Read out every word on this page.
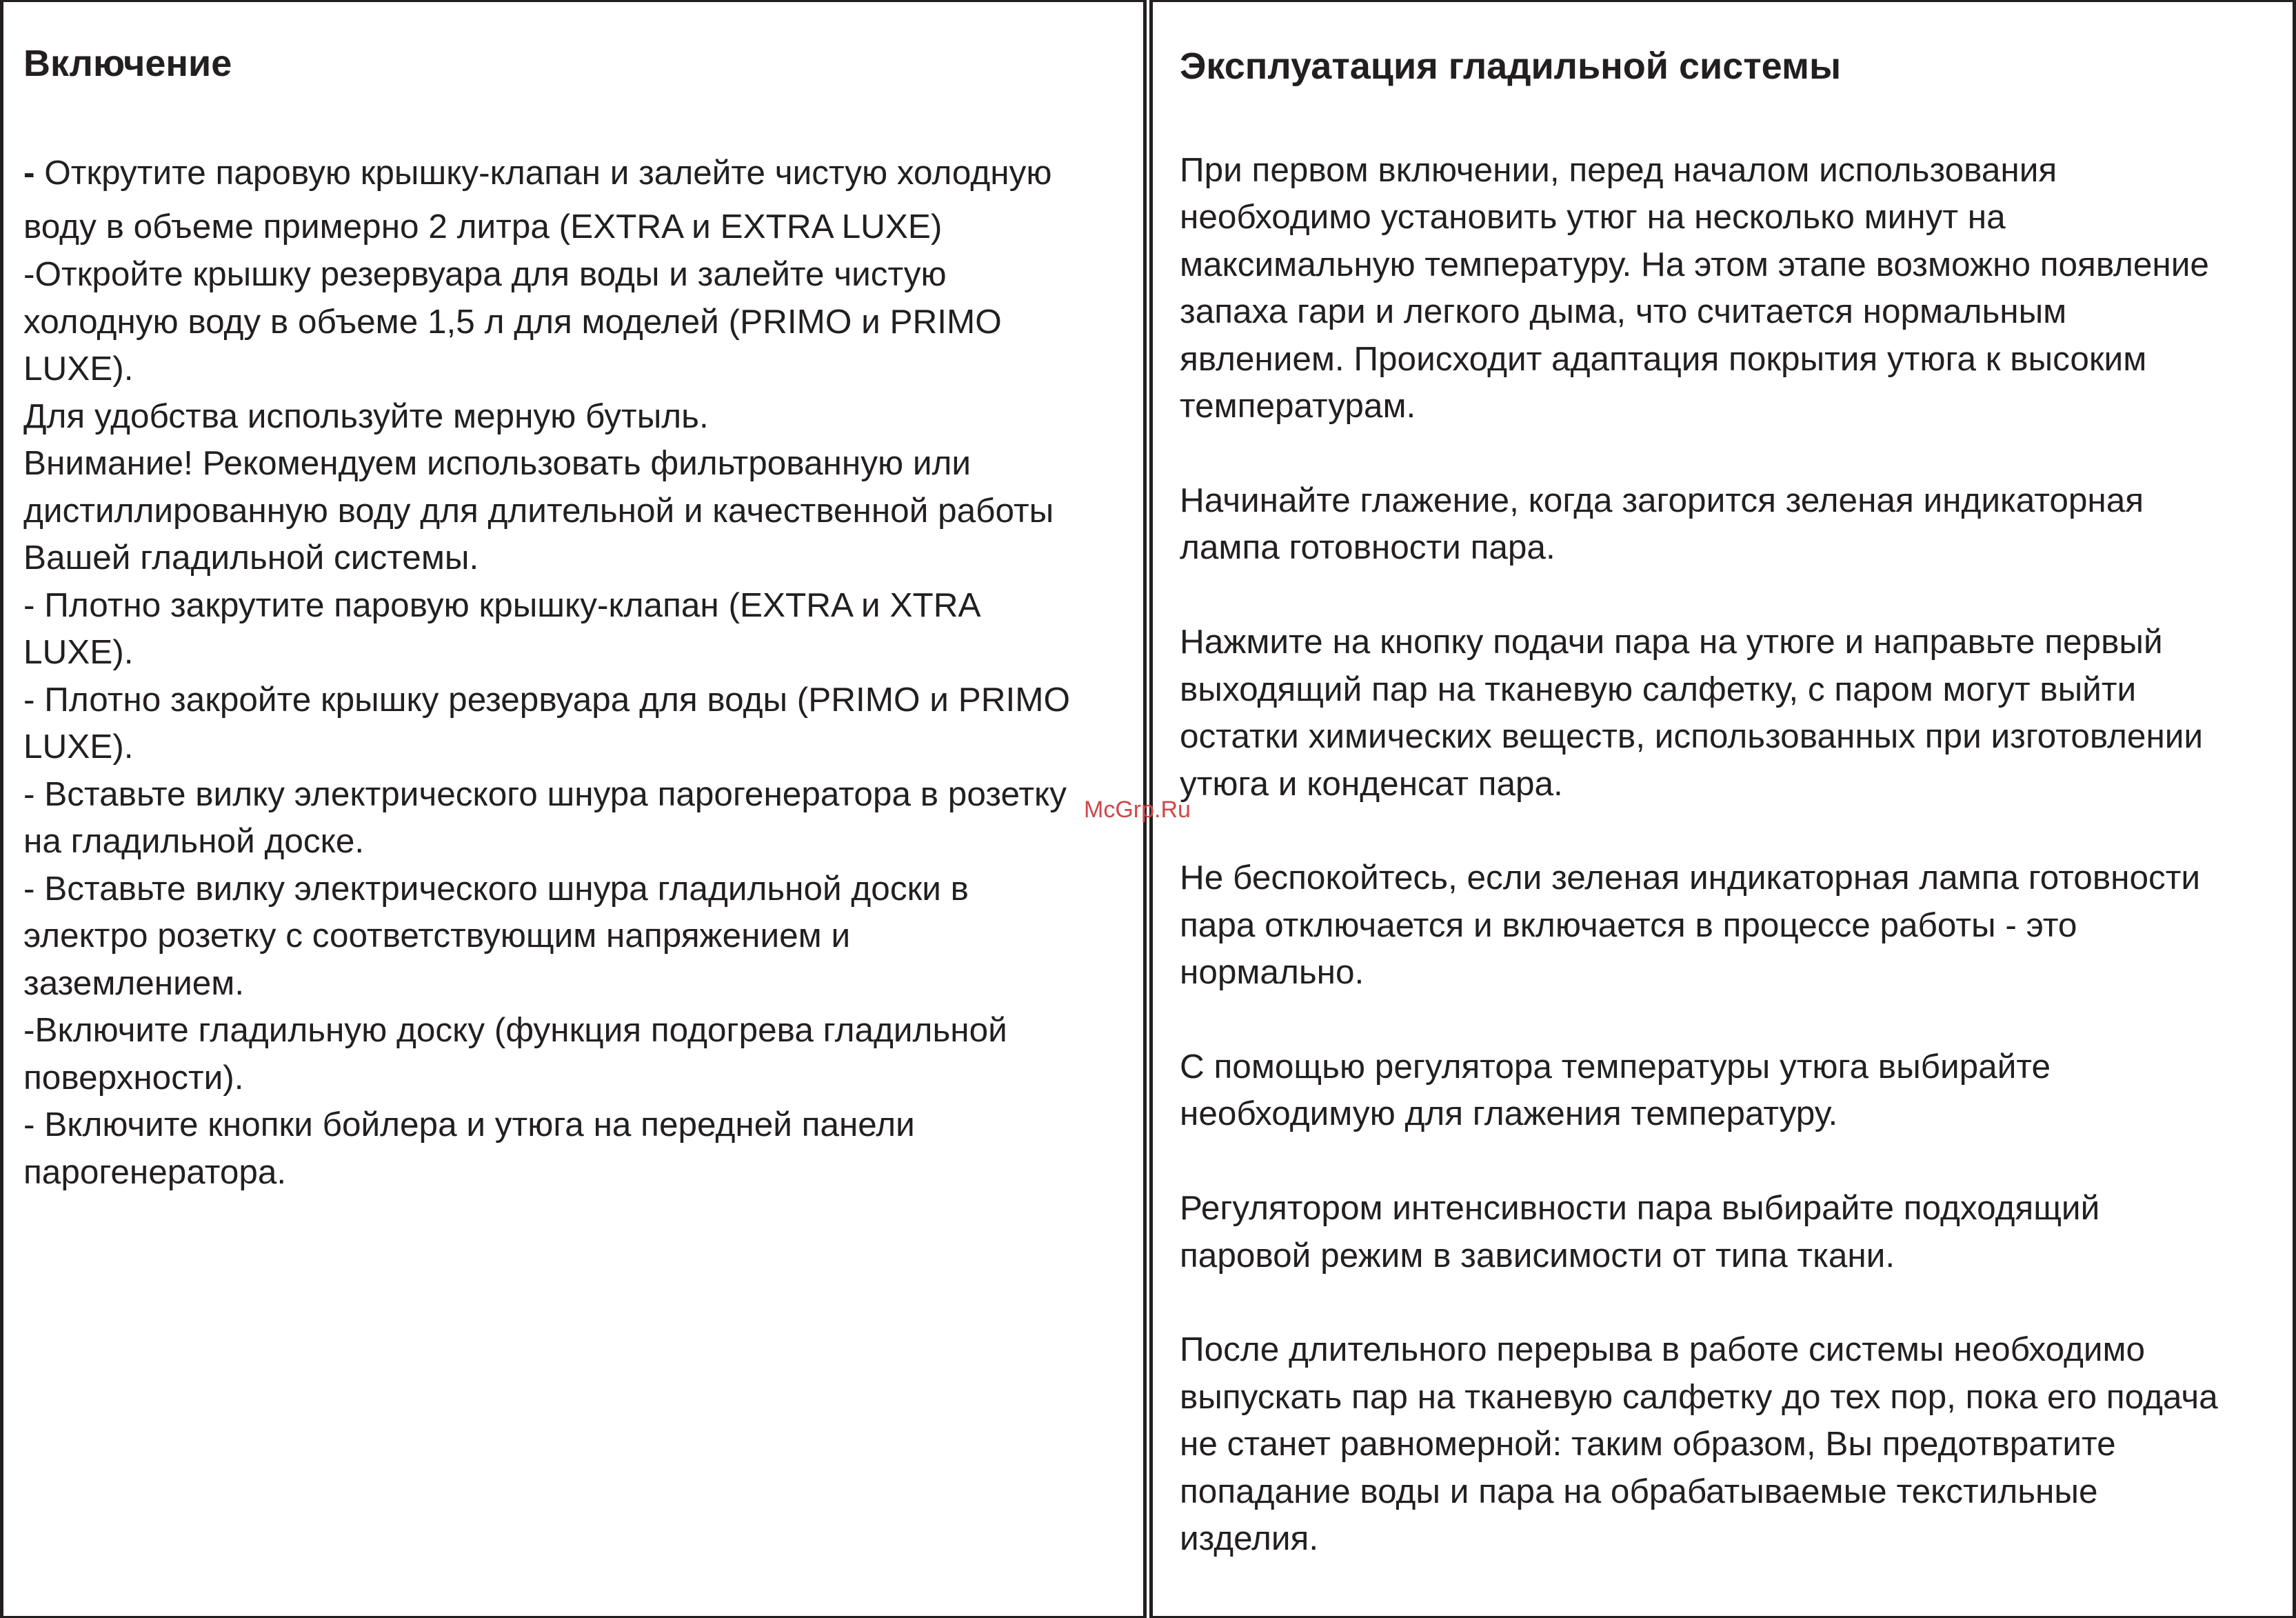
Включение

- Открутите паровую крышку-клапан и залейте чистую холодную

воду в объеме примерно 2 литра (EXTRA и EXTRA LUXE)

-Откройте крышку резервуара для воды и залейте чистую

холодную воду в объеме 1,5 л для моделей (PRIMO и PRIMO

LUXE).

Для удобства используйте мерную бутыль.

Внимание! Рекомендуем использовать фильтрованную или

дистиллированную воду для длительной и качественной работы

Вашей гладильной системы.

- Плотно закрутите паровую крышку-клапан (EXTRA и XTRA

LUXE).

- Плотно закройте крышку резервуара для воды (PRIMO и PRIMO

LUXE).

- Вставьте вилку электрического шнура парогенератора в розетку

на гладильной доске.

- Вставьте вилку электрического шнура гладильной доски в

электро розетку с соответствующим напряжением и

заземлением.

-Включите гладильную доску (функция подогрева гладильной

поверхности).

- Включите кнопки бойлера и утюга на передней панели

парогенератора.

Эксплуатация гладильной системы

При первом включении, перед началом использования

необходимо установить утюг на несколько минут на

максимальную температуру. На этом этапе возможно появление

запаха гари и легкого дыма, что считается нормальным

явлением. Происходит адаптация покрытия утюга к высоким

температурам.

Начинайте глажение, когда загорится зеленая индикаторная

лампа готовности пара.

Нажмите на кнопку подачи пара на утюге и направьте первый

выходящий пар на тканевую салфетку, с паром могут выйти

остатки химических веществ, использованных при изготовлении

утюга и конденсат пара.

Не беспокойтесь, если зеленая индикаторная лампа готовности

пара отключается и включается в процессе работы - это

нормально.

С помощью регулятора температуры утюга выбирайте

необходимую для глажения температуру.

Регулятором интенсивности пара выбирайте подходящий

паровой режим в зависимости от типа ткани.

После длительного перерыва в работе системы необходимо

выпускать пар на тканевую салфетку до тех пор, пока его подача

не станет равномерной: таким образом, Вы предотвратите

попадание воды и пара на обрабатываемые текстильные

изделия.

McGrp.Ru
